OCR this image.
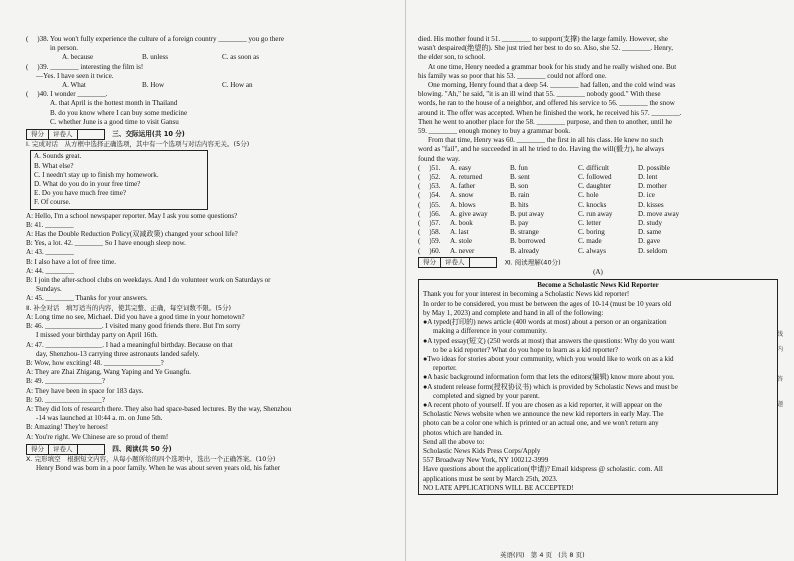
(　 )38. You won't fully experience the culture of a foreign country ________ you go there
in person.
A. because	B. unless	C. as soon as
(　 )39. ________ interesting the film is!
—Yes. I have seen it twice.
A. What	B. How	C. How an
(　 )40. I wonder ________.
A. that April is the hottest month in Thailand
B. do you know where I can buy some medicine
C. whether June is a good time to visit Gansu
得分 评卷人	三、交际运用(共 10 分)
Ⅰ. 完成对话　从方框中选择正确选项，其中有一个选项与对话内容无关。(5分)
A. Sounds great.
B. What else?
C. I needn't stay up to finish my homework.
D. What do you do in your free time?
E. Do you have much free time?
F. Of course.
A: Hello, I'm a school newspaper reporter. May I ask you some questions?
B: 41. ________
A: Has the Double Reduction Policy(双减政策) changed your school life?
B: Yes, a lot. 42. ________ So I have enough sleep now.
A: 43. ________
B: I also have a lot of free time.
A: 44. ________
B: I join the after-school clubs on weekdays. And I do volunteer work on Saturdays or
Sundays.
A: 45. ________ Thanks for your answers.
Ⅱ. 补全对话　填写适当的内容，使其完整、正确，每空词数不限。(5分)
A: Long time no see, Michael. Did you have a good time in your hometown?
B: 46. ________________. I visited many good friends there. But I'm sorry
I missed your birthday party on April 16th.
A: 47. ________________. I had a meaningful birthday. Because on that
day, Shenzhou-13 carrying three astronauts landed safely.
B: Wow, how exciting! 48. ________________?
A: They are Zhai Zhigang, Wang Yaping and Ye Guangfu.
B: 49. ________________?
A: They have been in space for 183 days.
B: 50. ________________?
A: They did lots of research there. They also had space-based lectures. By the way, Shenzhou
-14 was launched at 10:44 a. m. on June 5th.
B: Amazing! They're heroes!
A: You're right. We Chinese are so proud of them!
得分 评卷人	四、阅读(共 50 分)
Ⅹ. 完形填空　根据短文内容，从每小题所给的四个选项中，选出一个正确答案。(10分)
Henry Bond was born in a poor family. When he was about seven years old, his father
died. His mother found it 51. ________ to support(支撑) the large family. However, she
wasn't despaired(绝望的). She just tried her best to do so. Also, she 52. ________. Henry,
the elder son, to school.
At one time, Henry needed a grammar book for his study and he really wished one. But
his family was so poor that his 53. ________ could not afford one.
One morning, Henry found that a deep 54. ________ had fallen, and the cold wind was
blowing. "Ah," he said, "it is an ill wind that 55. ________ nobody good." With these
words, he ran to the house of a neighbor, and offered his service to 56. ________ the snow
around it. The offer was accepted. When he finished the work, he received his 57. ________.
Then he went to another place for the 58. ________ purpose, and then to another, until he
59. ________ enough money to buy a grammar book.
From that time, Henry was 60. ________ the first in all his class. He knew no such
word as "fail", and he succeeded in all he tried to do. Having the will(毅力), he always
found the way.
(　 )51.	A. easy	B. fun	C. difficult	D. possible
(　 )52.	A. returned	B. sent	C. followed	D. lent
(　 )53.	A. father	B. son	C. daughter	D. mother
(　 )54.	A. snow	B. rain	C. hole	D. ice
(　 )55.	A. blows	B. hits	C. knocks	D. kisses
(　 )56.	A. give away	B. put away	C. run away	D. move away
(　 )57.	A. book	B. pay	C. letter	D. study
(　 )58.	A. last	B. strange	C. boring	D. same
(　 )59.	A. stole	B. borrowed	C. made	D. gave
(　 )60.	A. never	B. already	C. always	D. seldom
得分 评卷人	Ⅺ. 阅读理解(40分)
(A)
Become a Scholastic News Kid Reporter
Thank you for your interest in becoming a Scholastic News kid reporter!
In order to be considered, you must be between the ages of 10-14 (must be 10 years old
by May 1, 2023) and complete and hand in all of the following:
●A typed(打印的) news article (400 words at most) about a person or an organization
making a difference in your community.
●A typed essay(短文) (250 words at most) that answers the questions: Why do you want
to be a kid reporter? What do you hope to learn as a kid reporter?
●Two ideas for stories about your community, which you would like to work on as a kid
reporter.
●A basic background information form that lets the editors(编辑) know more about you.
●A student release form(授权协议书) which is provided by Scholastic News and must be
completed and signed by your parent.
●A recent photo of yourself. If you are chosen as a kid reporter, it will appear on the
Scholastic News website when we announce the new kid reporters in early May. The
photo can be a color one which is printed or an actual one, and we won't return any
photos which are handed in.
Send all the above to:
Scholastic News Kids Press Corps/Apply
557 Broadway New York, NY 100212-3999
Have questions about the application(申请)? Email kidspress @ scholastic. com. All
applications must be sent by March 25th, 2023.
NO LATE APPLICATIONS WILL BE ACCEPTED!
线
内
答
题
英语(四) 第 4 页 (共 8 页)
